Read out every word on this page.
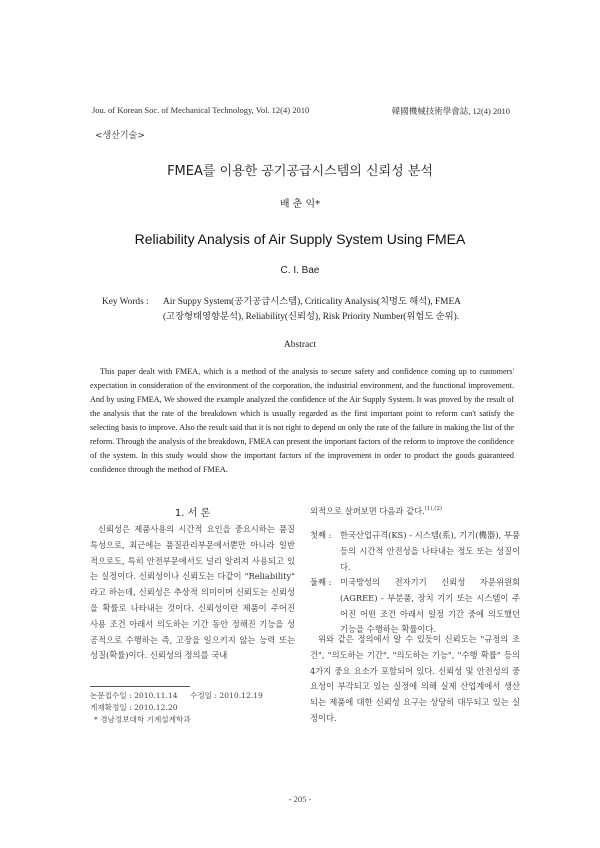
Jou. of Korean Soc. of Mechanical Technology, Vol. 12(4) 2010	韓國機械技術學會誌, 12(4) 2010
<생산기술>
FMEA를 이용한 공기공급시스템의 신뢰성 분석
배 춘 익*
Reliability Analysis of Air Supply System Using FMEA
C. I. Bae
Key Words : Air Suppy System(공기공급시스템), Criticality Analysis(치명도 해석), FMEA
(고장형태영향분석), Reliability(신뢰성), Risk Priority Number(위험도 순위).
Abstract
This paper dealt with FMEA, which is a method of the analysis to secure safety and confidence coming up to customers' expectation in consideration of the environment of the corporation, the industrial environment, and the functional improvement. And by using FMEA, We showed the example analyzed the confidence of the Air Supply System. It was proved by the result of the analysis that the rate of the breakdown which is usually regarded as the first important point to reform can't satisfy the selecting basis to improve. Also the result said that it is not right to depend on only the rate of the failure in making the list of the reform. Through the analysis of the breakdown, FMEA can present the important factors of the reform to improve the confidence of the system. In this study would show the important factors of the improvement in order to product the goods guaranteed confidence through the method of FMEA.
1. 서 론
신뢰성은 제품사용의 시간적 요인을 중요시하는 품질특성으로, 최근에는 품질관리부문에서뿐만 아니라 일반적으로도, 특히 안전부문에서도 널리 알려져 사용되고 있는 실정이다. 신뢰성이나 신뢰도는 다같이 "Reliability" 라고 하는데, 신뢰성은 추상적 의미이며 신뢰도는 신뢰성을 확률로 나타내는 것이다. 신뢰성이란 제품이 주어진 사용 조건 아래서 의도하는 기간 동안 정해진 기능을 성공적으로 수행하는 즉, 고장을 일으키지 않는 능력 또는 성질(확률)이다. 신뢰성의 정의를 국내
외적으로 살펴보면 다음과 같다.$^{(1),(2)}$
첫째 : 한국산업규격(KS) - 시스템(系), 기기(機器), 부품 등의 시간적 안전성을 나타내는 정도 또는 성질이다.
둘째 : 미국방성의 전자기기 신뢰성 자문위원회(AGREE) - 부분품, 장치 기기 또는 시스템이 주어진 어떤 조건 아래서 일정 기간 중에 의도했던 기능을 수행하는 확률이다.
위와 같은 정의에서 알 수 있듯이 신뢰도는 "규정의 조건", "의도하는 기간", "의도하는 기능", "수행 확률" 등의 4가지 중요 요소가 포함되어 있다. 신뢰성 및 안전성의 중요성이 부각되고 있는 실정에 의해 실제 산업계에서 생산되는 제품에 대한 신뢰성 요구는 상당히 대두되고 있는 실정이다.
논문접수일 : 2010.11.14 수정일 : 2010.12.19
게재확정일 : 2010.12.20
* 경남정보대학 기계설계학과
- 205 -
